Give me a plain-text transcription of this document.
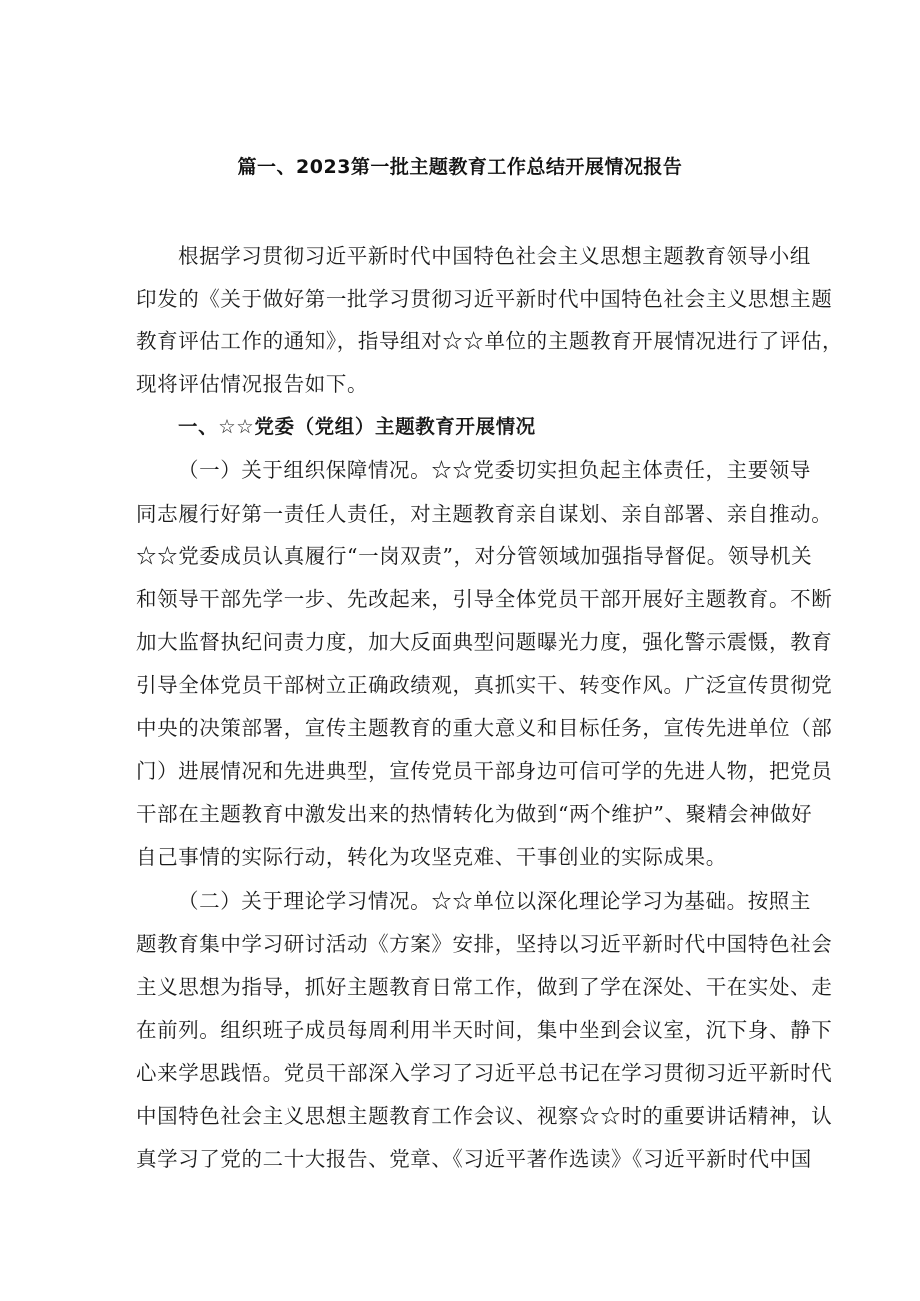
篇一、2023第一批主题教育工作总结开展情况报告
根据学习贯彻习近平新时代中国特色社会主义思想主题教育领导小组
印发的《关于做好第一批学习贯彻习近平新时代中国特色社会主义思想主题
教育评估工作的通知》，指导组对☆☆单位的主题教育开展情况进行了评估，
现将评估情况报告如下。
一、☆☆党委（党组）主题教育开展情况
（一）关于组织保障情况。☆☆党委切实担负起主体责任，主要领导
同志履行好第一责任人责任，对主题教育亲自谋划、亲自部署、亲自推动。
☆☆党委成员认真履行“一岗双责”，对分管领域加强指导督促。领导机关
和领导干部先学一步、先改起来，引导全体党员干部开展好主题教育。不断
加大监督执纪问责力度，加大反面典型问题曝光力度，强化警示震慑，教育
引导全体党员干部树立正确政绩观，真抓实干、转变作风。广泛宣传贯彻党
中央的决策部署，宣传主题教育的重大意义和目标任务，宣传先进单位（部
门）进展情况和先进典型，宣传党员干部身边可信可学的先进人物，把党员
干部在主题教育中激发出来的热情转化为做到“两个维护”、聚精会神做好
自己事情的实际行动，转化为攻坚克难、干事创业的实际成果。
（二）关于理论学习情况。☆☆单位以深化理论学习为基础。按照主
题教育集中学习研讨活动《方案》安排，坚持以习近平新时代中国特色社会
主义思想为指导，抓好主题教育日常工作，做到了学在深处、干在实处、走
在前列。组织班子成员每周利用半天时间，集中坐到会议室，沉下身、静下
心来学思践悟。党员干部深入学习了习近平总书记在学习贯彻习近平新时代
中国特色社会主义思想主题教育工作会议、视察☆☆时的重要讲话精神，认
真学习了党的二十大报告、党章、《习近平著作选读》《习近平新时代中国
